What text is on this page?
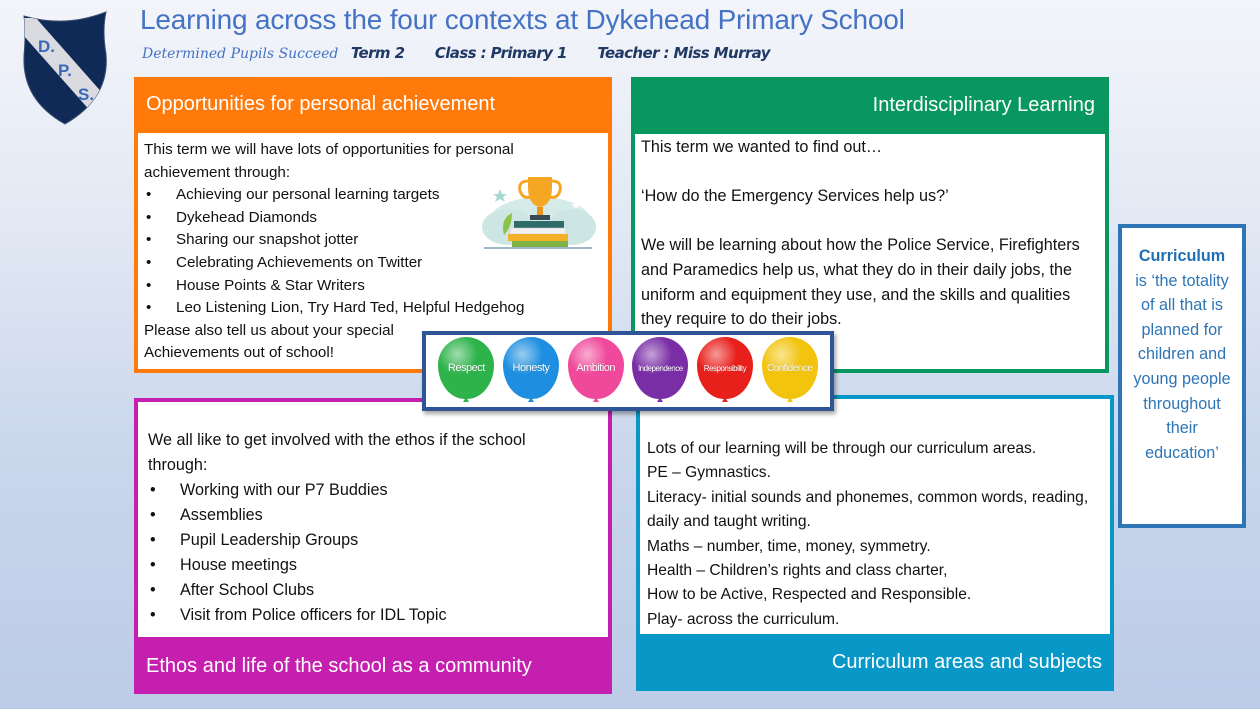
D.
P.
S.
Learning across the four contexts at Dykehead Primary School
Determined Pupils Succeed Term 2 Class : Primary 1 Teacher : Miss Murray
Opportunities for personal achievement

This term we will have lots of opportunities for personal achievement through:

• Achieving our personal learning targets
• Dykehead Diamonds
• Sharing our snapshot jotter
• Celebrating Achievements on Twitter
• House Points & Star Writers
• Leo Listening Lion, Try Hard Ted, Helpful Hedgehog

Please also tell us about your special

Achievements out of school!

Interdisciplinary Learning

This term we wanted to find out…

‘How do the Emergency Services help us?’

We will be learning about how the Police Service, Firefighters and Paramedics help us, what they do in their daily jobs, the uniform and equipment they use, and the skills and qualities they require to do their jobs.

We all like to get involved with the ethos if the school through:

• Working with our P7 Buddies
• Assemblies
• Pupil Leadership Groups
• House meetings
• After School Clubs
• Visit from Police officers for IDL Topic
Ethos and life of the school as a community

Lots of our learning will be through our curriculum areas.

PE – Gymnastics.

Literacy- initial sounds and phonemes, common words, reading, daily and taught writing.

Maths – number, time, money, symmetry.

Health – Children’s rights and class charter,

How to be Active, Respected and Responsible.

Play- across the curriculum.

Curriculum areas and subjects
Respect	Honesty Ambition	Independence	Responsibility Confidence
Curriculum
is ‘the totality of all that is planned for children and young people throughout their education’
